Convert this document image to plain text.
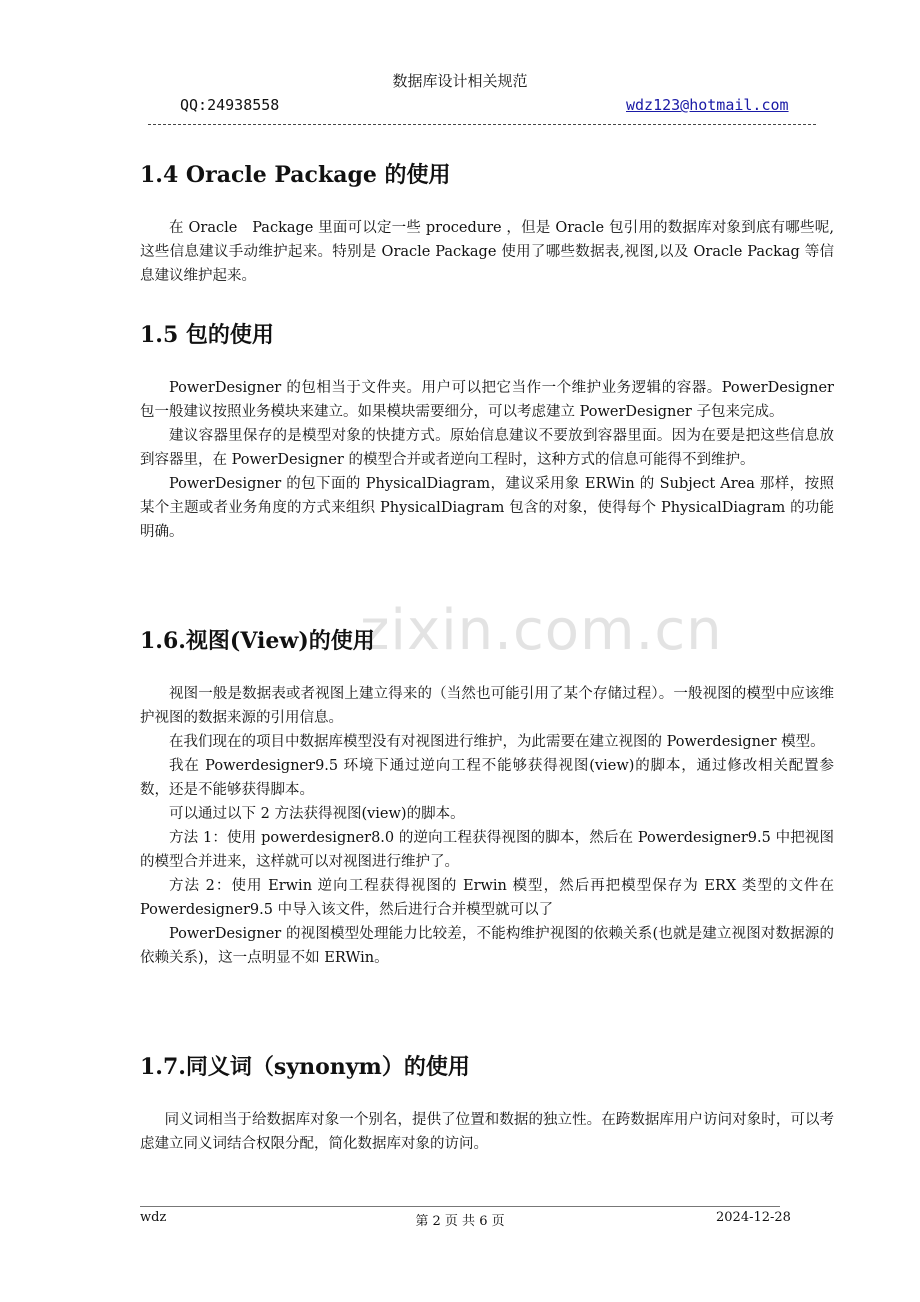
数据库设计相关规范
QQ:24938558	wdz123@hotmail.com
zixin.com.cn
1.4 Oracle Package 的使用

在 Oracle　Package 里面可以定一些 procedure ，但是 Oracle 包引用的数据库对象到底有哪些呢,这些信息建议手动维护起来。特别是 Oracle Package 使用了哪些数据表,视图,以及 Oracle Packag 等信息建议维护起来。

1.5 包的使用

PowerDesigner 的包相当于文件夹。用户可以把它当作一个维护业务逻辑的容器。PowerDesigner 包一般建议按照业务模块来建立。如果模块需要细分，可以考虑建立 PowerDesigner 子包来完成。

建议容器里保存的是模型对象的快捷方式。原始信息建议不要放到容器里面。因为在要是把这些信息放到容器里，在 PowerDesigner 的模型合并或者逆向工程时，这种方式的信息可能得不到维护。

PowerDesigner 的包下面的 PhysicalDiagram，建议采用象 ERWin 的 Subject Area 那样，按照某个主题或者业务角度的方式来组织 PhysicalDiagram 包含的对象，使得每个 PhysicalDiagram 的功能明确。

1.6.视图(View)的使用

视图一般是数据表或者视图上建立得来的（当然也可能引用了某个存储过程）。一般视图的模型中应该维护视图的数据来源的引用信息。

在我们现在的项目中数据库模型没有对视图进行维护，为此需要在建立视图的 Powerdesigner 模型。

我在 Powerdesigner9.5 环境下通过逆向工程不能够获得视图(view)的脚本，通过修改相关配置参数，还是不能够获得脚本。

可以通过以下 2 方法获得视图(view)的脚本。

方法 1：使用 powerdesigner8.0 的逆向工程获得视图的脚本，然后在 Powerdesigner9.5 中把视图的模型合并进来，这样就可以对视图进行维护了。

方法 2：使用 Erwin 逆向工程获得视图的 Erwin 模型，然后再把模型保存为 ERX 类型的文件在 Powerdesigner9.5 中导入该文件，然后进行合并模型就可以了

PowerDesigner 的视图模型处理能力比较差，不能构维护视图的依赖关系(也就是建立视图对数据源的依赖关系)，这一点明显不如 ERWin。

1.7.同义词（synonym）的使用

同义词相当于给数据库对象一个别名，提供了位置和数据的独立性。在跨数据库用户访问对象时，可以考虑建立同义词结合权限分配，简化数据库对象的访问。

wdz	第 2 页 共 6 页	2024-12-28
